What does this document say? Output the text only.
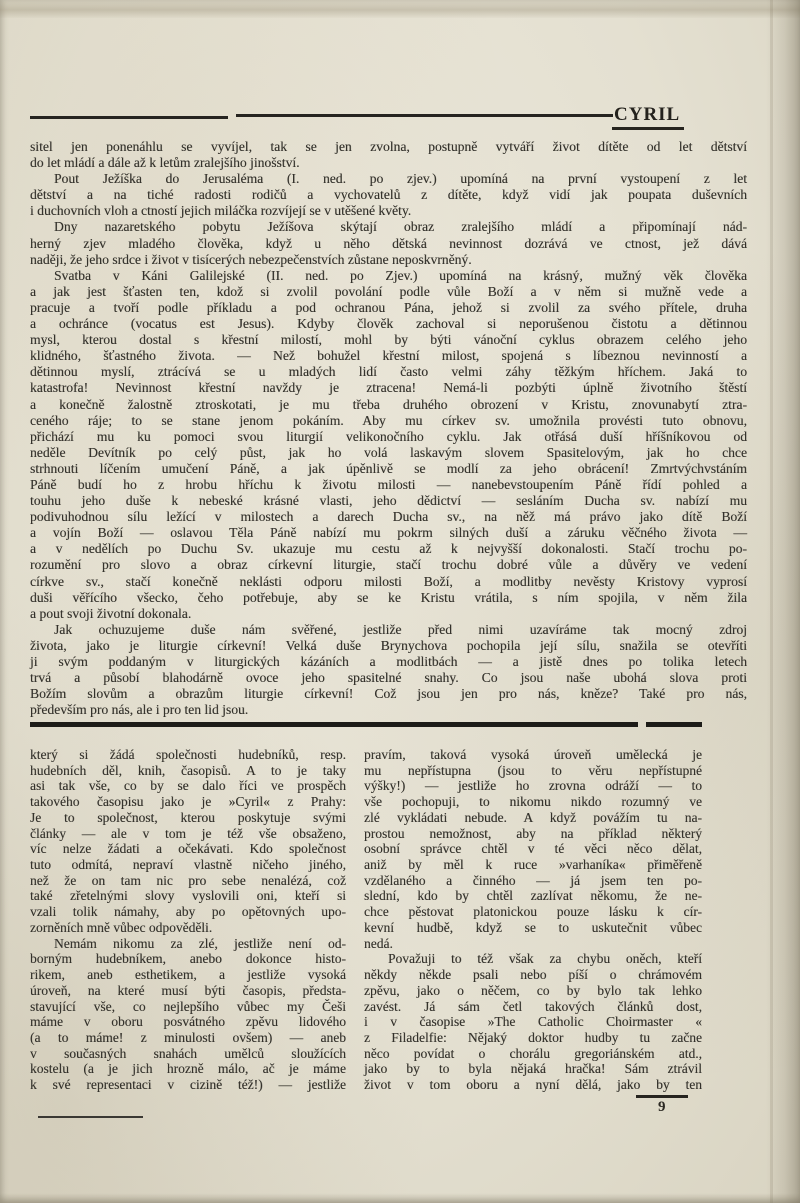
CYRIL
sitel jen ponenáhlu se vyvíjel, tak se jen zvolna, postupně vytváří život dítěte od let dětství
do let mládí a dále až k letům zralejšího jinošství.
Pout Ježíška do Jerusaléma (I. ned. po zjev.) upomíná na první vystoupení z let
dětství a na tiché radosti rodičů a vychovatelů z dítěte, když vidí jak poupata duševních
i duchovních vloh a ctností jejich miláčka rozvíjejí se v utěšené květy.
Dny nazaretského pobytu Ježíšova skýtají obraz zralejšího mládí a připomínají nád-
herný zjev mladého člověka, když u něho dětská nevinnost dozrává ve ctnost, jež dává
naději, že jeho srdce i život v tisícerých nebezpečenstvích zůstane neposkvrněný.
Svatba v Káni Galilejské (II. ned. po Zjev.) upomíná na krásný, mužný věk člověka
a jak jest šťasten ten, kdož si zvolil povolání podle vůle Boží a v něm si mužně vede a
pracuje a tvoří podle příkladu a pod ochranou Pána, jehož si zvolil za svého přítele, druha
a ochránce (vocatus est Jesus). Kdyby člověk zachoval si neporušenou čistotu a dětinnou
mysl, kterou dostal s křestní milostí, mohl by býti vánoční cyklus obrazem celého jeho
klidného, šťastného života. — Než bohužel křestní milost, spojená s líbeznou nevinností a
dětinnou myslí, ztrácívá se u mladých lidí často velmi záhy těžkým hříchem. Jaká to
katastrofa! Nevinnost křestní navždy je ztracena! Nemá-li pozbýti úplně životního štěstí
a konečně žalostně ztroskotati, je mu třeba druhého obrození v Kristu, znovunabytí ztra-
ceného ráje; to se stane jenom pokáním. Aby mu církev sv. umožnila provésti tuto obnovu,
přichází mu ku pomoci svou liturgií velikonočního cyklu. Jak otřásá duší hříšníkovou od
neděle Devítník po celý půst, jak ho volá laskavým slovem Spasitelovým, jak ho chce
strhnouti líčením umučení Páně, a jak úpěnlivě se modlí za jeho obrácení! Zmrtvýchvstáním
Páně budí ho z hrobu hříchu k životu milosti — nanebevstoupením Páně řídí pohled a
touhu jeho duše k nebeské krásné vlasti, jeho dědictví — sesláním Ducha sv. nabízí mu
podivuhodnou sílu ležící v milostech a darech Ducha sv., na něž má právo jako dítě Boží
a vojín Boží — oslavou Těla Páně nabízí mu pokrm silných duší a záruku věčného života —
a v nedělích po Duchu Sv. ukazuje mu cestu až k nejvyšší dokonalosti. Stačí trochu po-
rozumění pro slovo a obraz církevní liturgie, stačí trochu dobré vůle a důvěry ve vedení
církve sv., stačí konečně neklásti odporu milosti Boží, a modlitby nevěsty Kristovy vyprosí
duši věřícího všecko, čeho potřebuje, aby se ke Kristu vrátila, s ním spojila, v něm žila
a pout svoji životní dokonala.
Jak ochuzujeme duše nám svěřené, jestliže před nimi uzavíráme tak mocný zdroj
života, jako je liturgie církevní! Velká duše Brynychova pochopila její sílu, snažila se otevříti
ji svým poddaným v liturgických kázáních a modlitbách — a jistě dnes po tolika letech
trvá a působí blahodárně ovoce jeho spasitelné snahy. Co jsou naše ubohá slova proti
Božím slovům a obrazům liturgie církevní! Což jsou jen pro nás, kněze? Také pro nás,
především pro nás, ale i pro ten lid jsou.
který si žádá společnosti hudebníků, resp.
hudebních děl, knih, časopisů. A to je taky
asi tak vše, co by se dalo říci ve prospěch
takového časopisu jako je »Cyril« z Prahy:
Je to společnost, kterou poskytuje svými
články — ale v tom je též vše obsaženo,
víc nelze žádati a očekávati. Kdo společnost
tuto odmítá, nepraví vlastně ničeho jiného,
než že on tam nic pro sebe nenalézá, což
také zřetelnými slovy vyslovili oni, kteří si
vzali tolik námahy, aby po opětovných upo-
zorněních mně vůbec odpověděli.
Nemám nikomu za zlé, jestliže není od-
borným hudebníkem, anebo dokonce histo-
rikem, aneb esthetikem, a jestliže vysoká
úroveň, na které musí býti časopis, předsta-
stavující vše, co nejlepšího vůbec my Češi
máme v oboru posvátného zpěvu lidového
(a to máme! z minulosti ovšem) — aneb
v současných snahách umělců sloužících
kostelu (a je jich hrozně málo, ač je máme
k své representaci v cizině též!) — jestliže
pravím, taková vysoká úroveň umělecká je
mu nepřístupna (jsou to věru nepřístupné
výšky!) — jestliže ho zrovna odráží — to
vše pochopuji, to nikomu nikdo rozumný ve
zlé vykládati nebude. A když povážím tu na-
prostou nemožnost, aby na příklad některý
osobní správce chtěl v té věci něco dělat,
aniž by měl k ruce »varhaníka« přiměřeně
vzdělaného a činného — já jsem ten po-
slední, kdo by chtěl zazlívat někomu, že ne-
chce pěstovat platonickou pouze lásku k cír-
kevní hudbě, když se to uskutečnit vůbec
nedá.
Považuji to též však za chybu oněch, kteří
někdy někde psali nebo píší o chrámovém
zpěvu, jako o něčem, co by bylo tak lehko
zavést. Já sám četl takových článků dost,
i v časopise »The Catholic Choirmaster «
z Filadelfie: Nějaký doktor hudby tu začne
něco povídat o chorálu gregoriánském atd.,
jako by to byla nějaká hračka! Sám ztrávil
život v tom oboru a nyní dělá, jako by ten
9
